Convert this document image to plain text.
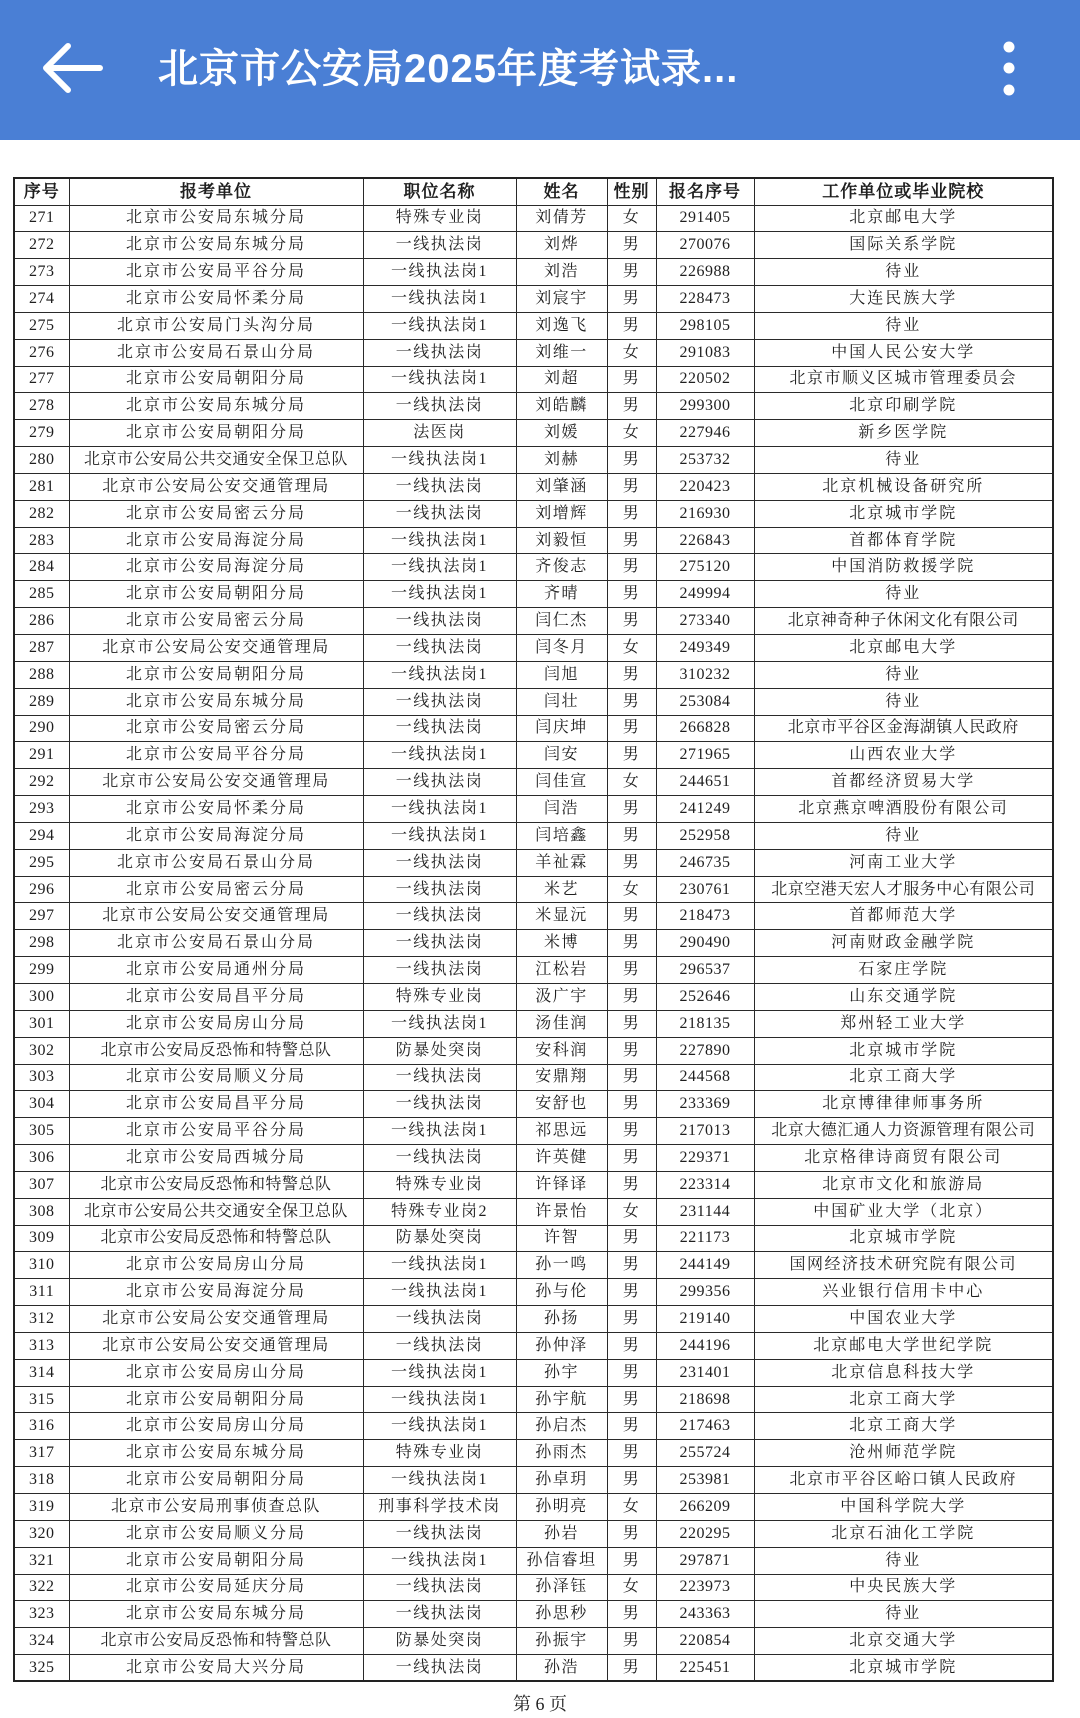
北京市公安局2025年度考试录...
序号	报考单位	职位名称	姓名	性别	报名序号	工作单位或毕业院校
271	北京市公安局东城分局	特殊专业岗	刘倩芳	女	291405	北京邮电大学
272	北京市公安局东城分局	一线执法岗	刘烨	男	270076	国际关系学院
273	北京市公安局平谷分局	一线执法岗1	刘浩	男	226988	待业
274	北京市公安局怀柔分局	一线执法岗1	刘宸宇	男	228473	大连民族大学
275	北京市公安局门头沟分局	一线执法岗1	刘逸飞	男	298105	待业
276	北京市公安局石景山分局	一线执法岗	刘维一	女	291083	中国人民公安大学
277	北京市公安局朝阳分局	一线执法岗1	刘超	男	220502	北京市顺义区城市管理委员会
278	北京市公安局东城分局	一线执法岗	刘皓麟	男	299300	北京印刷学院
279	北京市公安局朝阳分局	法医岗	刘媛	女	227946	新乡医学院
280	北京市公安局公共交通安全保卫总队	一线执法岗1	刘赫	男	253732	待业
281	北京市公安局公安交通管理局	一线执法岗	刘肇涵	男	220423	北京机械设备研究所
282	北京市公安局密云分局	一线执法岗	刘增辉	男	216930	北京城市学院
283	北京市公安局海淀分局	一线执法岗1	刘毅恒	男	226843	首都体育学院
284	北京市公安局海淀分局	一线执法岗1	齐俊志	男	275120	中国消防救援学院
285	北京市公安局朝阳分局	一线执法岗1	齐晴	男	249994	待业
286	北京市公安局密云分局	一线执法岗	闫仁杰	男	273340	北京神奇种子休闲文化有限公司
287	北京市公安局公安交通管理局	一线执法岗	闫冬月	女	249349	北京邮电大学
288	北京市公安局朝阳分局	一线执法岗1	闫旭	男	310232	待业
289	北京市公安局东城分局	一线执法岗	闫壮	男	253084	待业
290	北京市公安局密云分局	一线执法岗	闫庆坤	男	266828	北京市平谷区金海湖镇人民政府
291	北京市公安局平谷分局	一线执法岗1	闫安	男	271965	山西农业大学
292	北京市公安局公安交通管理局	一线执法岗	闫佳宣	女	244651	首都经济贸易大学
293	北京市公安局怀柔分局	一线执法岗1	闫浩	男	241249	北京燕京啤酒股份有限公司
294	北京市公安局海淀分局	一线执法岗1	闫培鑫	男	252958	待业
295	北京市公安局石景山分局	一线执法岗	羊祉霖	男	246735	河南工业大学
296	北京市公安局密云分局	一线执法岗	米艺	女	230761	北京空港天宏人才服务中心有限公司
297	北京市公安局公安交通管理局	一线执法岗	米显沅	男	218473	首都师范大学
298	北京市公安局石景山分局	一线执法岗	米博	男	290490	河南财政金融学院
299	北京市公安局通州分局	一线执法岗	江松岩	男	296537	石家庄学院
300	北京市公安局昌平分局	特殊专业岗	汲广宇	男	252646	山东交通学院
301	北京市公安局房山分局	一线执法岗1	汤佳润	男	218135	郑州轻工业大学
302	北京市公安局反恐怖和特警总队	防暴处突岗	安科润	男	227890	北京城市学院
303	北京市公安局顺义分局	一线执法岗	安鼎翔	男	244568	北京工商大学
304	北京市公安局昌平分局	一线执法岗	安舒也	男	233369	北京博律律师事务所
305	北京市公安局平谷分局	一线执法岗1	祁思远	男	217013	北京大德汇通人力资源管理有限公司
306	北京市公安局西城分局	一线执法岗	许英健	男	229371	北京格律诗商贸有限公司
307	北京市公安局反恐怖和特警总队	特殊专业岗	许铎译	男	223314	北京市文化和旅游局
308	北京市公安局公共交通安全保卫总队	特殊专业岗2	许景怡	女	231144	中国矿业大学（北京）
309	北京市公安局反恐怖和特警总队	防暴处突岗	许智	男	221173	北京城市学院
310	北京市公安局房山分局	一线执法岗1	孙一鸣	男	244149	国网经济技术研究院有限公司
311	北京市公安局海淀分局	一线执法岗1	孙与伦	男	299356	兴业银行信用卡中心
312	北京市公安局公安交通管理局	一线执法岗	孙扬	男	219140	中国农业大学
313	北京市公安局公安交通管理局	一线执法岗	孙仲泽	男	244196	北京邮电大学世纪学院
314	北京市公安局房山分局	一线执法岗1	孙宇	男	231401	北京信息科技大学
315	北京市公安局朝阳分局	一线执法岗1	孙宇航	男	218698	北京工商大学
316	北京市公安局房山分局	一线执法岗1	孙启杰	男	217463	北京工商大学
317	北京市公安局东城分局	特殊专业岗	孙雨杰	男	255724	沧州师范学院
318	北京市公安局朝阳分局	一线执法岗1	孙卓玥	男	253981	北京市平谷区峪口镇人民政府
319	北京市公安局刑事侦查总队	刑事科学技术岗	孙明亮	女	266209	中国科学院大学
320	北京市公安局顺义分局	一线执法岗	孙岩	男	220295	北京石油化工学院
321	北京市公安局朝阳分局	一线执法岗1	孙信睿坦	男	297871	待业
322	北京市公安局延庆分局	一线执法岗	孙泽钰	女	223973	中央民族大学
323	北京市公安局东城分局	一线执法岗	孙思秒	男	243363	待业
324	北京市公安局反恐怖和特警总队	防暴处突岗	孙振宇	男	220854	北京交通大学
325	北京市公安局大兴分局	一线执法岗	孙浩	男	225451	北京城市学院
第 6 页
